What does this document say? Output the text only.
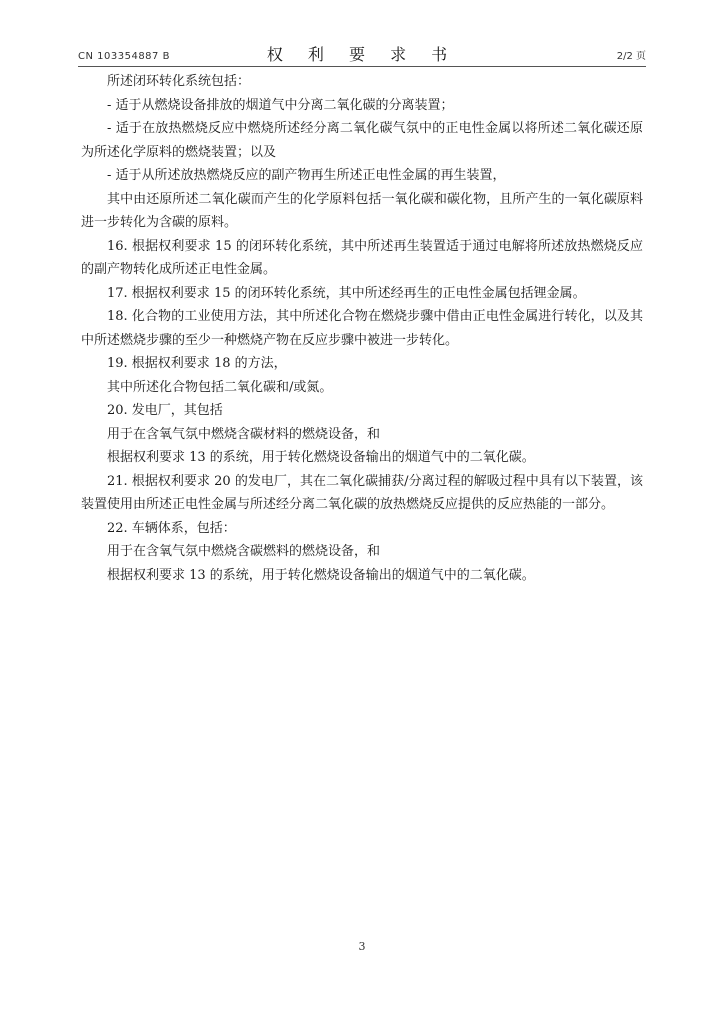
CN 103354887 B	权 利 要 求 书	2/2 页

所述闭环转化系统包括：

- 适于从燃烧设备排放的烟道气中分离二氧化碳的分离装置；

- 适于在放热燃烧反应中燃烧所述经分离二氧化碳气氛中的正电性金属以将所述二氧化碳还原为所述化学原料的燃烧装置；以及

- 适于从所述放热燃烧反应的副产物再生所述正电性金属的再生装置，

其中由还原所述二氧化碳而产生的化学原料包括一氧化碳和碳化物，且所产生的一氧化碳原料进一步转化为含碳的原料。

16. 根据权利要求 15 的闭环转化系统，其中所述再生装置适于通过电解将所述放热燃烧反应的副产物转化成所述正电性金属。

17. 根据权利要求 15 的闭环转化系统，其中所述经再生的正电性金属包括锂金属。

18. 化合物的工业使用方法，其中所述化合物在燃烧步骤中借由正电性金属进行转化，以及其中所述燃烧步骤的至少一种燃烧产物在反应步骤中被进一步转化。

19. 根据权利要求 18 的方法，

其中所述化合物包括二氧化碳和/或氮。

20. 发电厂，其包括

用于在含氧气氛中燃烧含碳材料的燃烧设备，和

根据权利要求 13 的系统，用于转化燃烧设备输出的烟道气中的二氧化碳。

21. 根据权利要求 20 的发电厂，其在二氧化碳捕获/分离过程的解吸过程中具有以下装置，该装置使用由所述正电性金属与所述经分离二氧化碳的放热燃烧反应提供的反应热能的一部分。

22. 车辆体系，包括：

用于在含氧气氛中燃烧含碳燃料的燃烧设备，和

根据权利要求 13 的系统，用于转化燃烧设备输出的烟道气中的二氧化碳。

3
